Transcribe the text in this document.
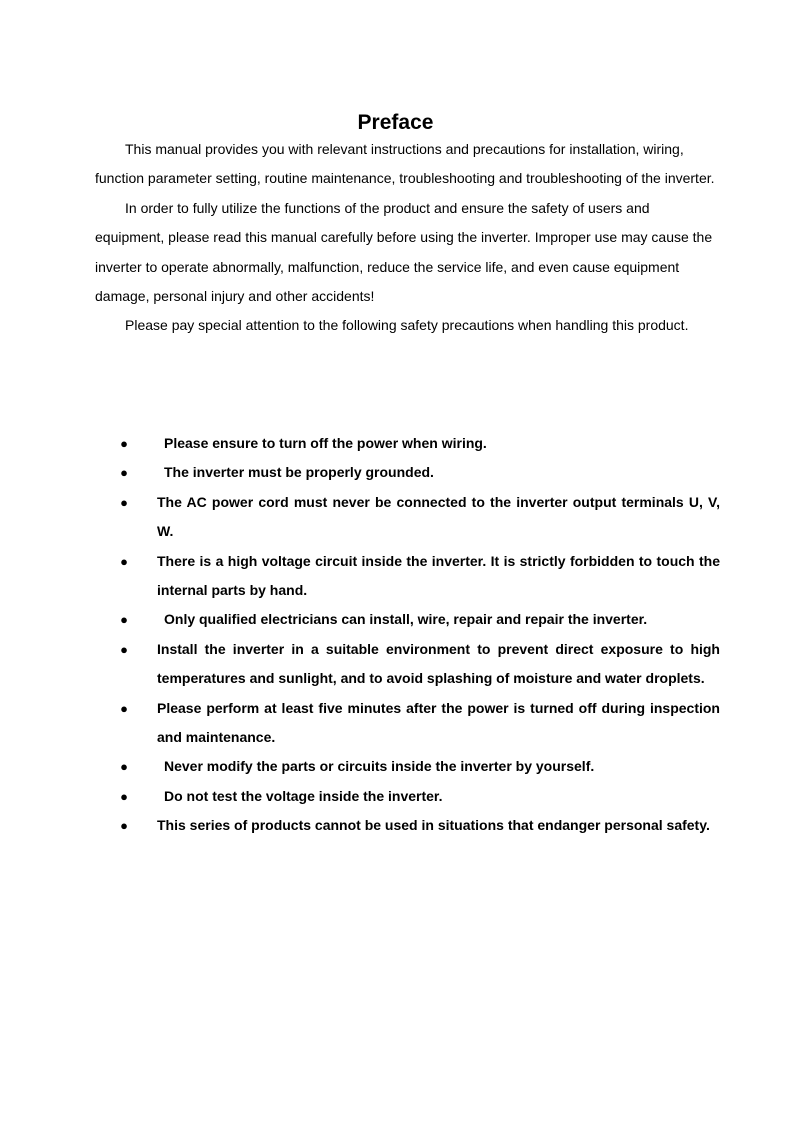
Preface

This manual provides you with relevant instructions and precautions for installation, wiring, function parameter setting, routine maintenance, troubleshooting and troubleshooting of the inverter.

In order to fully utilize the functions of the product and ensure the safety of users and equipment, please read this manual carefully before using the inverter. Improper use may cause the inverter to operate abnormally, malfunction, reduce the service life, and even cause equipment damage, personal injury and other accidents!

Please pay special attention to the following safety precautions when handling this product.

●	Please ensure to turn off the power when wiring.
●	The inverter must be properly grounded.
● The AC power cord must never be connected to the inverter output terminals U, V, W.
● There is a high voltage circuit inside the inverter. It is strictly forbidden to touch the internal parts by hand.
●	Only qualified electricians can install, wire, repair and repair the inverter.
● Install the inverter in a suitable environment to prevent direct exposure to high temperatures and sunlight, and to avoid splashing of moisture and water droplets.
● Please perform at least five minutes after the power is turned off during inspection and maintenance.
●	Never modify the parts or circuits inside the inverter by yourself.
●	Do not test the voltage inside the inverter.
● This series of products cannot be used in situations that endanger personal safety.
